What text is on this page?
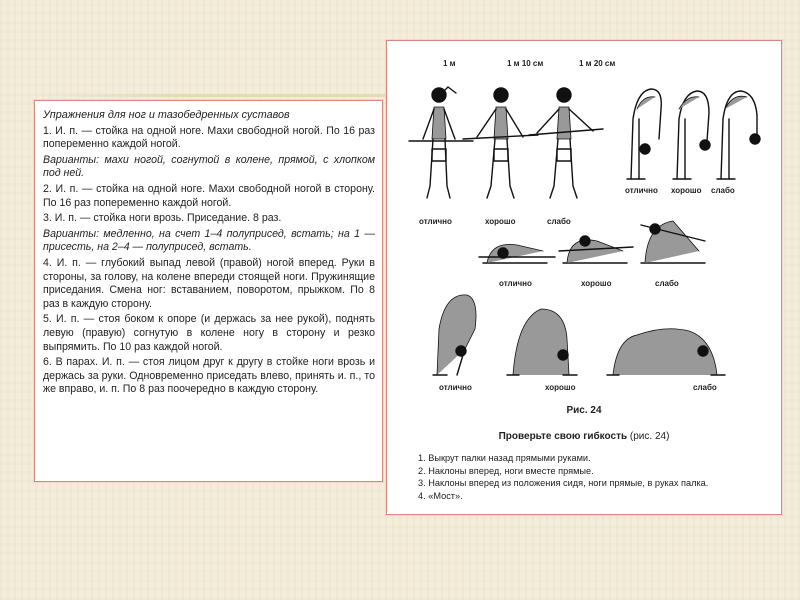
Упражнения для ног и тазобедренных суставов

1. И. п. — стойка на одной ноге. Махи свободной ногой. По 16 раз попеременно каждой ногой.

Варианты: махи ногой, согнутой в колене, прямой, с хлопком под ней.

2. И. п. — стойка на одной ноге. Махи свободной ногой в сторону. По 16 раз попеременно каждой ногой.

3. И. п. — стойка ноги врозь. Приседание. 8 раз.

Варианты: медленно, на счет 1–4 полуприсед, встать; на 1 — присесть, на 2–4 — полуприсед, встать.

4. И. п. — глубокий выпад левой (правой) ногой вперед. Руки в стороны, за голову, на колене впереди стоящей ноги. Пружинящие приседания. Смена ног: вставанием, поворотом, прыжком. По 8 раз в каждую сторону.

5. И. п. — стоя боком к опоре (и держась за нее рукой), поднять левую (правую) согнутую в колене ногу в сторону и резко выпрямить. По 10 раз каждой ногой.

6. В парах. И. п. — стоя лицом друг к другу в стойке ноги врозь и держась за руки. Одновременно приседать влево, принять и. п., то же вправо, и. п. По 8 раз поочередно в каждую сторону.

1 м	1 м 10 см	1 м 20 см
отлично	хорошо	слабо
отлично хорошо слабо
отлично	хорошо	слабо
отлично	хорошо	слабо
Рис. 24
Проверьте свою гибкость (рис. 24)
1. Выкрут палки назад прямыми руками.
2. Наклоны вперед, ноги вместе прямые.
3. Наклоны вперед из положения сидя, ноги прямые, в руках палка.
4. «Мост».
